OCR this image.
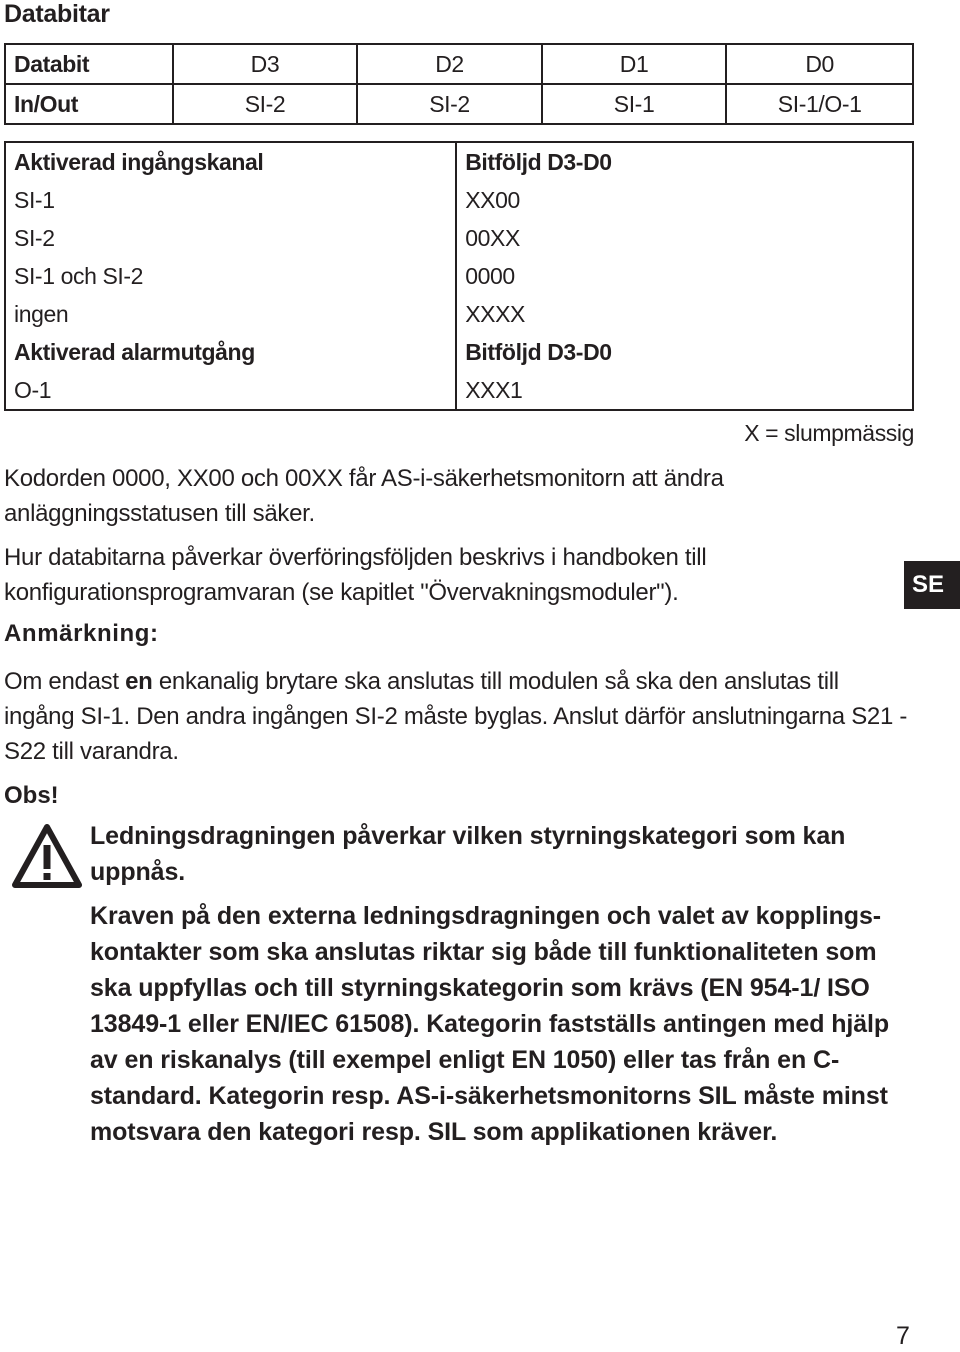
Databitar
Databit	D3	D2	D1	D0
In/Out	SI-2	SI-2	SI-1	SI-1/O-1
Aktiverad ingångskanal	Bitföljd D3-D0
SI-1	XX00
SI-2	00XX
SI-1 och SI-2	0000
ingen	XXXX
Aktiverad alarmutgång	Bitföljd D3-D0
O-1	XXX1
X = slumpmässig
Kodorden 0000, XX00 och 00XX får AS-i-säkerhetsmonitorn att ändra anläggningsstatusen till säker.
Hur databitarna påverkar överföringsföljden beskrivs i handboken till konfigurationsprogramvaran (se kapitlet "Övervakningsmoduler").
Anmärkning:
Om endast en enkanalig brytare ska anslutas till modulen så ska den anslutas till ingång SI-1. Den andra ingången SI-2 måste byglas. Anslut därför anslutningarna S21 - S22 till varandra.
Obs!
Ledningsdragningen påverkar vilken styrningskategori som kan uppnås.
Kraven på den externa ledningsdragningen och valet av kopplings-kontakter som ska anslutas riktar sig både till funktionaliteten som ska uppfyllas och till styrningskategorin som krävs (EN 954-1/ ISO 13849-1 eller EN/IEC 61508). Kategorin fastställs antingen med hjälp av en riskanalys (till exempel enligt EN 1050) eller tas från en C-standard. Kategorin resp. AS-i-säkerhetsmonitorns SIL måste minst motsvara den kategori resp. SIL som applikationen kräver.
SE
7
